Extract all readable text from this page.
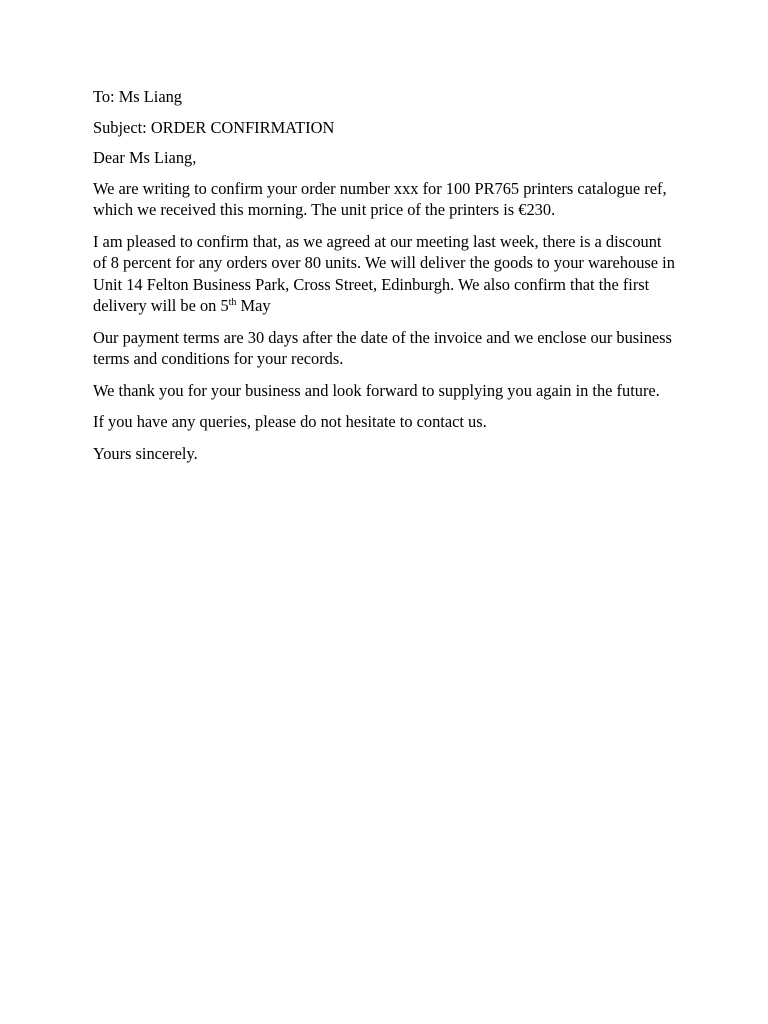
To: Ms Liang

Subject: ORDER CONFIRMATION

Dear Ms Liang,

We are writing to confirm your order number xxx for 100 PR765 printers catalogue ref, which we received this morning. The unit price of the printers is €230.

I am pleased to confirm that, as we agreed at our meeting last week, there is a discount of 8 percent for any orders over 80 units. We will deliver the goods to your warehouse in Unit 14 Felton Business Park, Cross Street, Edinburgh. We also confirm that the first delivery will be on 5th May

Our payment terms are 30 days after the date of the invoice and we enclose our business terms and conditions for your records.

We thank you for your business and look forward to supplying you again in the future.

If you have any queries, please do not hesitate to contact us.

Yours sincerely.
